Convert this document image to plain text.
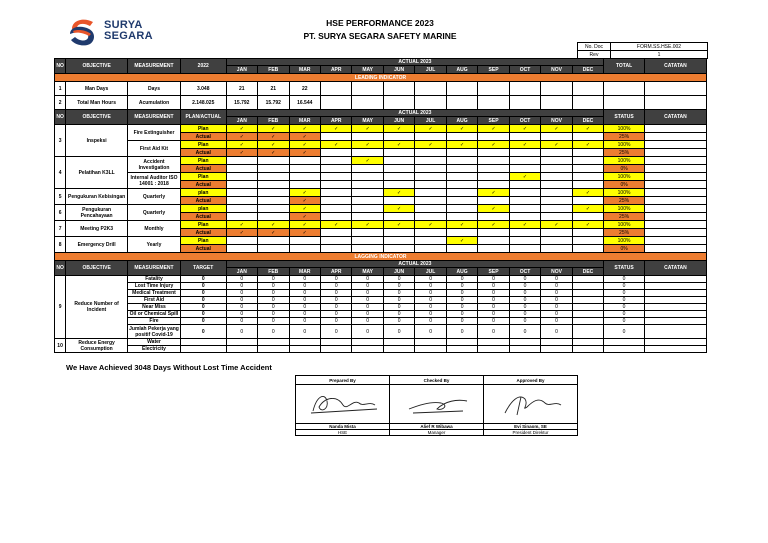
SURYA
SEGARA
HSE PERFORMANCE 2023
PT. SURYA SEGARA SAFETY MARINE
No. Doc	FORM.SS.HSE.002
Rev	1
NO	OBJECTIVE	MEASUREMENT	2022	ACTUAL 2023												TOTAL	CATATAN
				JAN	FEB	MAR	APR	MAY	JUN	JUL	AUG	SEP	OCT	NOV	DEC		
LEADING INDICATOR																	
1	Man Days	Days	3.048	21	21	22											
2	Total Man Hours	Acumulation	2.148.025	15.792	15.792	16.544											
NO	OBJECTIVE	MEASUREMENT	PLAN/ACTUAL	ACTUAL 2023												STATUS	CATATAN
				JAN	FEB	MAR	APR	MAY	JUN	JUL	AUG	SEP	OCT	NOV	DEC		
3	Inspeksi	Fire Extinguisher	Plan	✓	✓	✓	✓	✓	✓	✓	✓	✓	✓	✓	✓	100%	
			Actual	✓	✓	✓										25%	
		First Aid Kit	Plan	✓	✓	✓	✓	✓	✓	✓	✓	✓	✓	✓	✓	100%	
			Actual	✓	✓	✓										25%	
4	Pelatihan K3LL	Accident Investigation	Plan					✓								100%	
			Actual													0%	
		Internal Auditor ISO 14001 : 2018	Plan										✓			100%	
			Actual													0%	
5	Pengukuran Kebisingan	Quarterly	plan			✓			✓			✓			✓	100%	
			Actual			✓										25%	
6	Pengukuran Pencahayaan	Quarterly	plan			✓			✓			✓			✓	100%	
			Actual			✓										25%	
7	Meeting P2K3	Monthly	Plan	✓	✓	✓	✓	✓	✓	✓	✓	✓	✓	✓	✓	100%	
			Actual	✓	✓	✓										25%	
8	Emergency Drill	Yearly	Plan								✓					100%	
			Actual													0%	
LAGGING INDICATOR																	
NO	OBJECTIVE	MEASUREMENT	TARGET	ACTUAL 2023												STATUS	CATATAN
				JAN	FEB	MAR	APR	MAY	JUN	JUL	AUG	SEP	OCT	NOV	DEC		
9	Reduce Number of Incident	Fatality	0	0	0	0	0	0	0	0	0	0	0	0		0	
		Lost Time Injury	0	0	0	0	0	0	0	0	0	0	0	0		0	
		Medical Treatment	0	0	0	0	0	0	0	0	0	0	0	0		0	
		First Aid	0	0	0	0	0	0	0	0	0	0	0	0		0	
		Near Miss	0	0	0	0	0	0	0	0	0	0	0	0		0	
		Oil or Chemical Spill	0	0	0	0	0	0	0	0	0	0	0	0		0	
		Fire	0	0	0	0	0	0	0	0	0	0	0	0		0	
		Jumlah Pekerja yang positif Covid-19	0	0	0	0	0	0	0	0	0	0	0	0		0	
10	Reduce Energy Consumption	Water															
		Electricity															
We Have Achieved 3048 Days Without Lost Time Accident
Prepared By	Checked By	Approved By

Nanda Mista	Alief R Wibawa	Evi Sinaom, SE
HSE	Manager	President Direktur
